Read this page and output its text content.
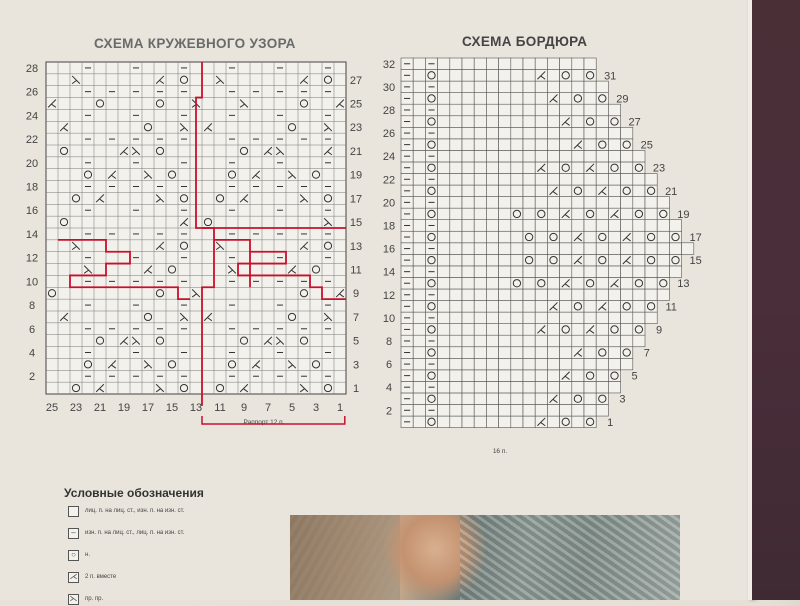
СХЕМА КРУЖЕВНОГО УЗОРА	СХЕМА БОРДЮРА
2
4
6
8
10
12
14
16
18
20
22
24
26
28
1
3
5
7
9
11
13
15
17
19
21
23
25
27
25 23 21 19 17 15 13 11 9 7 5 3 1	2
4
6
8
10
12
14
16
18
20
22
24
26
28
30
32
1
3
5
7
9
11
13
15
17
19
21
23
25
27
29
31
Раппорт 12 п.
16 п.
Условные обозначения
лиц. п. на лиц. ст., изн. п. на изн. ст.
–	изн. п. на лиц. ст., лиц. п. на изн. ст.
○	н.
⋌ 2 п. вместе
⋋ пр. пр.
